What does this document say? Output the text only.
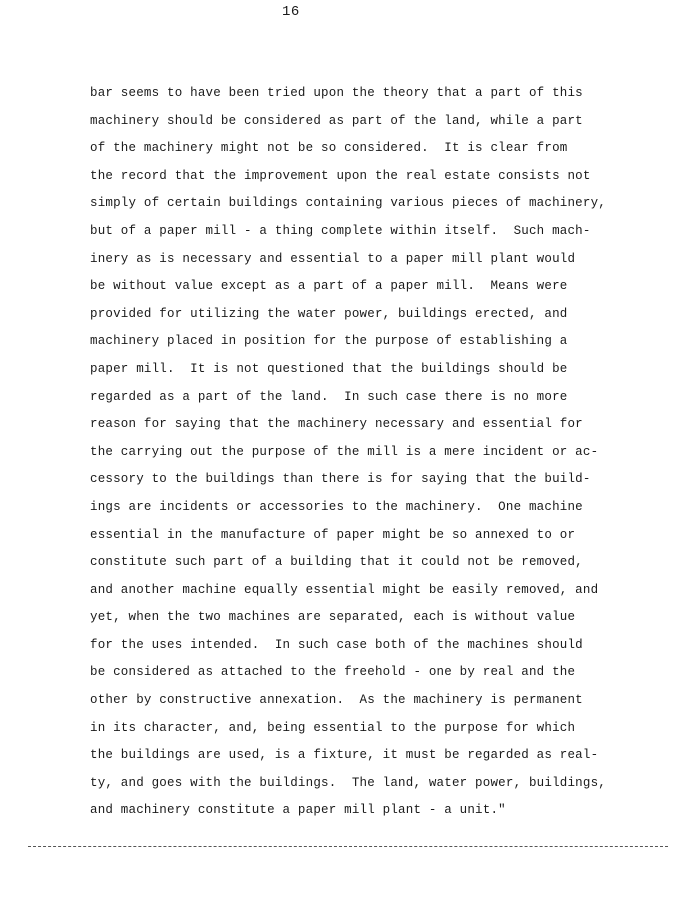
16
bar seems to have been tried upon the theory that a part of this
machinery should be considered as part of the land, while a part
of the machinery might not be so considered.  It is clear from
the record that the improvement upon the real estate consists not
simply of certain buildings containing various pieces of machinery,
but of a paper mill - a thing complete within itself.  Such mach-
inery as is necessary and essential to a paper mill plant would
be without value except as a part of a paper mill.  Means were
provided for utilizing the water power, buildings erected, and
machinery placed in position for the purpose of establishing a
paper mill.  It is not questioned that the buildings should be
regarded as a part of the land.  In such case there is no more
reason for saying that the machinery necessary and essential for
the carrying out the purpose of the mill is a mere incident or ac-
cessory to the buildings than there is for saying that the build-
ings are incidents or accessories to the machinery.  One machine
essential in the manufacture of paper might be so annexed to or
constitute such part of a building that it could not be removed,
and another machine equally essential might be easily removed, and
yet, when the two machines are separated, each is without value
for the uses intended.  In such case both of the machines should
be considered as attached to the freehold - one by real and the
other by constructive annexation.  As the machinery is permanent
in its character, and, being essential to the purpose for which
the buildings are used, is a fixture, it must be regarded as real-
ty, and goes with the buildings.  The land, water power, buildings,
and machinery constitute a paper mill plant - a unit."
